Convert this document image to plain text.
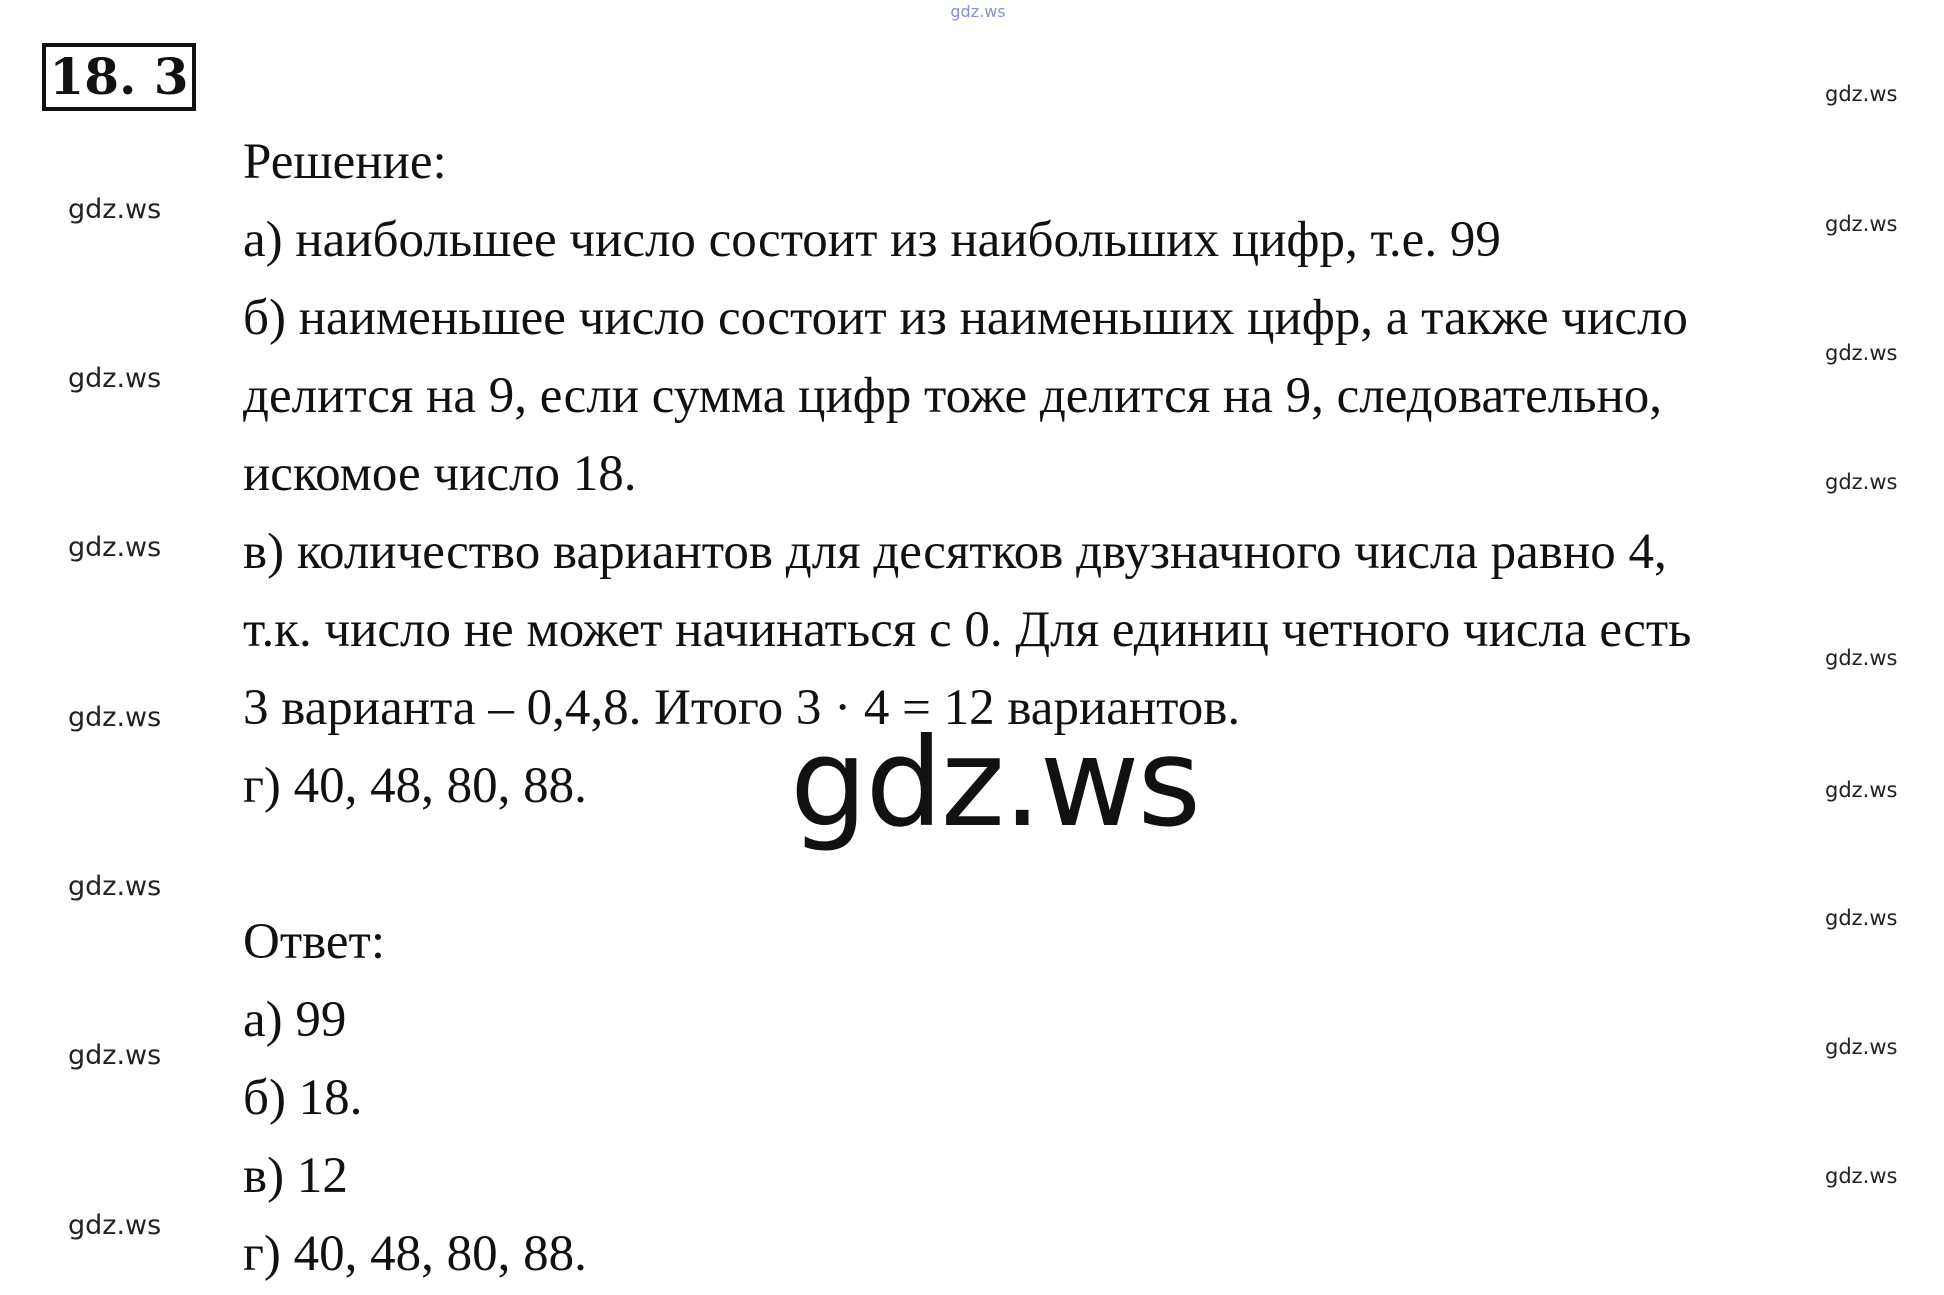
gdz.ws
18. 3
gdz.ws
gdz.ws
gdz.ws
gdz.ws
gdz.ws
gdz.ws
gdz.ws
gdz.ws
gdz.ws
gdz.ws
gdz.ws
gdz.ws
gdz.ws
gdz.ws
gdz.ws
gdz.ws
Решение:
а) наибольшее число состоит из наибольших цифр, т.е. 99
б) наименьшее число состоит из наименьших цифр, а также число
делится на 9, если сумма цифр тоже делится на 9, следовательно,
искомое число 18.
в) количество вариантов для десятков двузначного числа равно 4,
т.к. число не может начинаться с 0. Для единиц четного числа есть
3 варианта – 0,4,8. Итого 3 · 4 = 12 вариантов.
г) 40, 48, 80, 88. gdz.ws
Ответ:
а) 99
б) 18.
в) 12
г) 40, 48, 80, 88.
